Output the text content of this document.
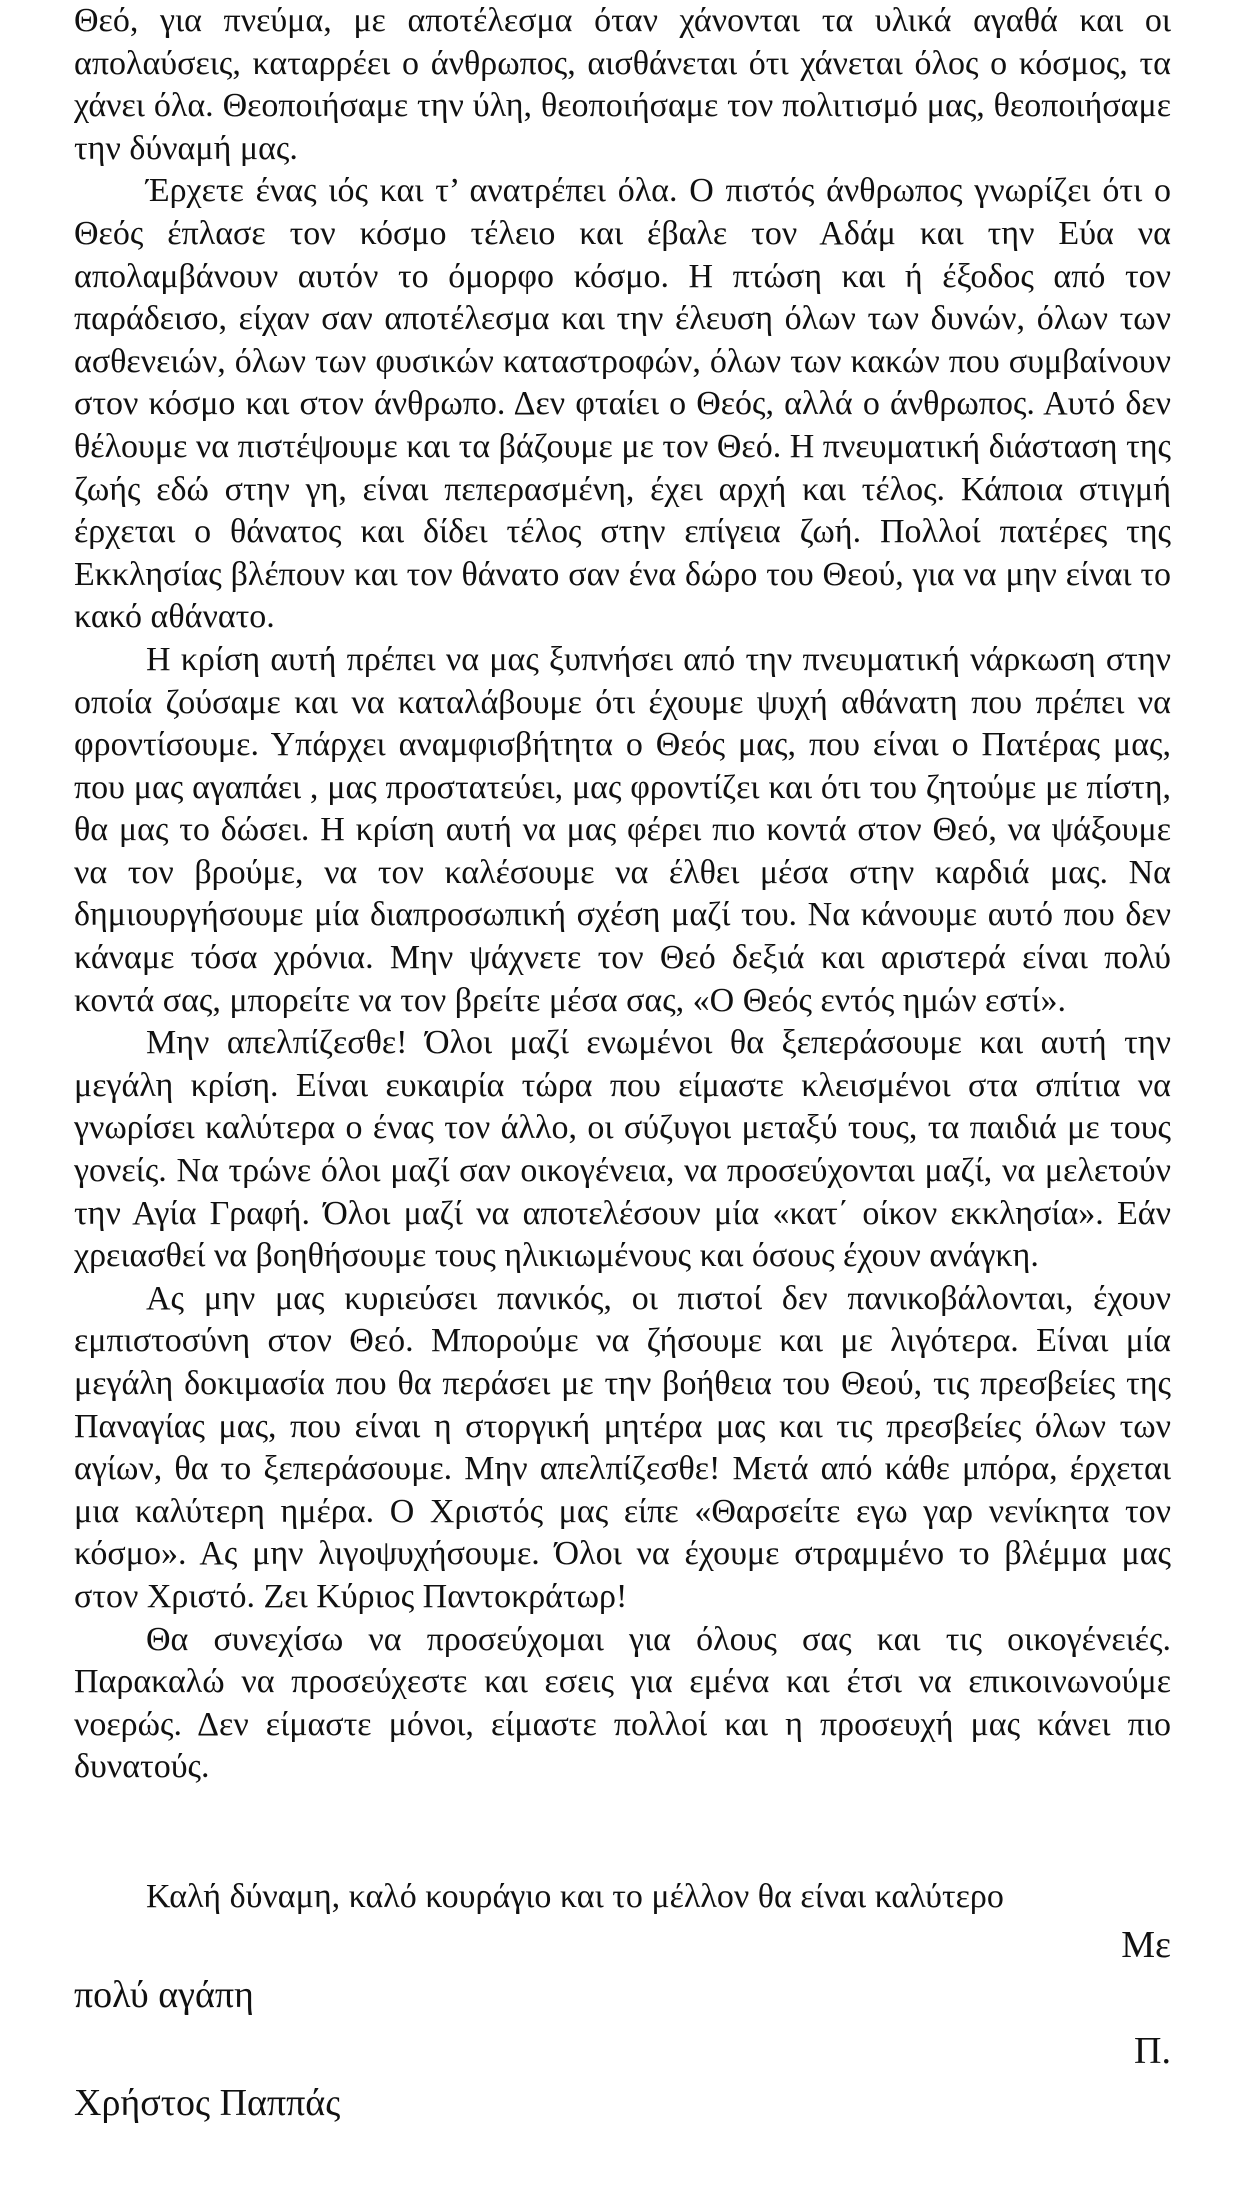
Θεό, για πνεύμα, με αποτέλεσμα όταν χάνονται τα υλικά αγαθά και οι απολαύσεις, καταρρέει ο άνθρωπος, αισθάνεται ότι χάνεται όλος ο κόσμος, τα χάνει όλα. Θεοποιήσαμε την ύλη, θεοποιήσαμε τον πολιτισμό μας, θεοποιήσαμε την δύναμή μας.

Έρχετε ένας ιός και τ’ ανατρέπει όλα. Ο πιστός άνθρωπος γνωρίζει ότι ο Θεός έπλασε τον κόσμο τέλειο και έβαλε τον Αδάμ και την Εύα να απολαμβάνουν αυτόν το όμορφο κόσμο. Η πτώση και ή έξοδος από τον παράδεισο, είχαν σαν αποτέλεσμα και την έλευση όλων των δυνών, όλων των ασθενειών, όλων των φυσικών καταστροφών, όλων των κακών που συμβαίνουν στον κόσμο και στον άνθρωπο. Δεν φταίει ο Θεός, αλλά ο άνθρωπος. Αυτό δεν θέλουμε να πιστέψουμε και τα βάζουμε με τον Θεό. Η πνευματική διάσταση της ζωής εδώ στην γη, είναι πεπερασμένη, έχει αρχή και τέλος. Κάποια στιγμή έρχεται ο θάνατος και δίδει τέλος στην επίγεια ζωή. Πολλοί πατέρες της Εκκλησίας βλέπουν και τον θάνατο σαν ένα δώρο του Θεού, για να μην είναι το κακό αθάνατο.

Η κρίση αυτή πρέπει να μας ξυπνήσει από την πνευματική νάρκωση στην οποία ζούσαμε και να καταλάβουμε ότι έχουμε ψυχή αθάνατη που πρέπει να φροντίσουμε. Υπάρχει αναμφισβήτητα ο Θεός μας, που είναι ο Πατέρας μας, που μας αγαπάει , μας προστατεύει, μας φροντίζει και ότι του ζητούμε με πίστη, θα μας το δώσει. Η κρίση αυτή να μας φέρει πιο κοντά στον Θεό, να ψάξουμε να τον βρούμε, να τον καλέσουμε να έλθει μέσα στην καρδιά μας. Να δημιουργήσουμε μία διαπροσωπική σχέση μαζί του. Να κάνουμε αυτό που δεν κάναμε τόσα χρόνια. Μην ψάχνετε τον Θεό δεξιά και αριστερά είναι πολύ κοντά σας, μπορείτε να τον βρείτε μέσα σας, «Ο Θεός εντός ημών εστί».

Μην απελπίζεσθε! Όλοι μαζί ενωμένοι θα ξεπεράσουμε και αυτή την μεγάλη κρίση. Είναι ευκαιρία τώρα που είμαστε κλεισμένοι στα σπίτια να γνωρίσει καλύτερα ο ένας τον άλλο, οι σύζυγοι μεταξύ τους, τα παιδιά με τους γονείς. Να τρώνε όλοι μαζί σαν οικογένεια, να προσεύχονται μαζί, να μελετούν την Αγία Γραφή. Όλοι μαζί να αποτελέσουν μία «κατ΄ οίκον εκκλησία». Εάν χρειασθεί να βοηθήσουμε τους ηλικιωμένους και όσους έχουν ανάγκη.

Ας μην μας κυριεύσει πανικός, οι πιστοί δεν πανικοβάλονται, έχουν εμπιστοσύνη στον Θεό. Μπορούμε να ζήσουμε και με λιγότερα. Είναι μία μεγάλη δοκιμασία που θα περάσει με την βοήθεια του Θεού, τις πρεσβείες της Παναγίας μας, που είναι η στοργική μητέρα μας και τις πρεσβείες όλων των αγίων, θα το ξεπεράσουμε. Μην απελπίζεσθε! Μετά από κάθε μπόρα, έρχεται μια καλύτερη ημέρα. Ο Χριστός μας είπε «Θαρσείτε εγω γαρ νενίκητα τον κόσμο». Ας μην λιγοψυχήσουμε. Όλοι να έχουμε στραμμένο το βλέμμα μας στον Χριστό. Ζει Κύριος Παντοκράτωρ!

Θα συνεχίσω να προσεύχομαι για όλους σας και τις οικογένειές. Παρακαλώ να προσεύχεστε και εσεις για εμένα και έτσι να επικοινωνούμε νοερώς. Δεν είμαστε μόνοι, είμαστε πολλοί και η προσευχή μας κάνει πιο δυνατούς.

Καλή δύναμη, καλό κουράγιο και το μέλλον θα είναι καλύτερο
Με
πολύ αγάπη
Π.
Χρήστος Παππάς
